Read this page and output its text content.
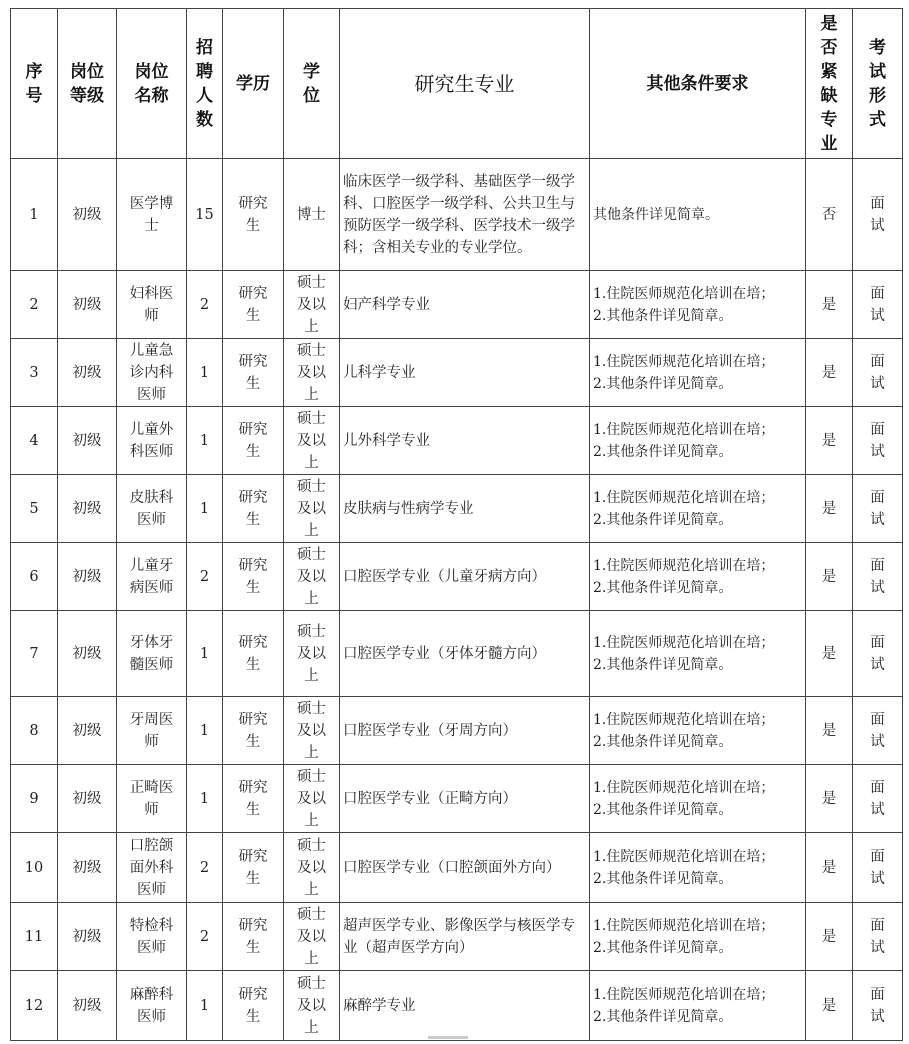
序号	岗位等级	岗位名称	招聘人数	学历	学位	研究生专业	其他条件要求	是否紧缺专业	考试形式
1	初级	医学博士	15	研究生	博士	临床医学一级学科、基础医学一级学科、口腔医学一级学科、公共卫生与预防医学一级学科、医学技术一级学科；含相关专业的专业学位。	其他条件详见简章。	否	面试
2	初级	妇科医师	2	研究生	硕士及以上	妇产科学专业	1.住院医师规范化培训在培；
2.其他条件详见简章。	是	面试
3	初级	儿童急诊内科医师	1	研究生	硕士及以上	儿科学专业	1.住院医师规范化培训在培；
2.其他条件详见简章。	是	面试
4	初级	儿童外科医师	1	研究生	硕士及以上	儿外科学专业	1.住院医师规范化培训在培；
2.其他条件详见简章。	是	面试
5	初级	皮肤科医师	1	研究生	硕士及以上	皮肤病与性病学专业	1.住院医师规范化培训在培；
2.其他条件详见简章。	是	面试
6	初级	儿童牙病医师	2	研究生	硕士及以上	口腔医学专业（儿童牙病方向）	1.住院医师规范化培训在培；
2.其他条件详见简章。	是	面试
7	初级	牙体牙髓医师	1	研究生	硕士及以上	口腔医学专业（牙体牙髓方向）	1.住院医师规范化培训在培；
2.其他条件详见简章。	是	面试
8	初级	牙周医师	1	研究生	硕士及以上	口腔医学专业（牙周方向）	1.住院医师规范化培训在培；
2.其他条件详见简章。	是	面试
9	初级	正畸医师	1	研究生	硕士及以上	口腔医学专业（正畸方向）	1.住院医师规范化培训在培；
2.其他条件详见简章。	是	面试
10	初级	口腔颌面外科医师	2	研究生	硕士及以上	口腔医学专业（口腔颌面外方向）	1.住院医师规范化培训在培；
2.其他条件详见简章。	是	面试
11	初级	特检科医师	2	研究生	硕士及以上	超声医学专业、影像医学与核医学专业（超声医学方向）	1.住院医师规范化培训在培；
2.其他条件详见简章。	是	面试
12	初级	麻醉科医师	1	研究生	硕士及以上	麻醉学专业	1.住院医师规范化培训在培；
2.其他条件详见简章。	是	面试
